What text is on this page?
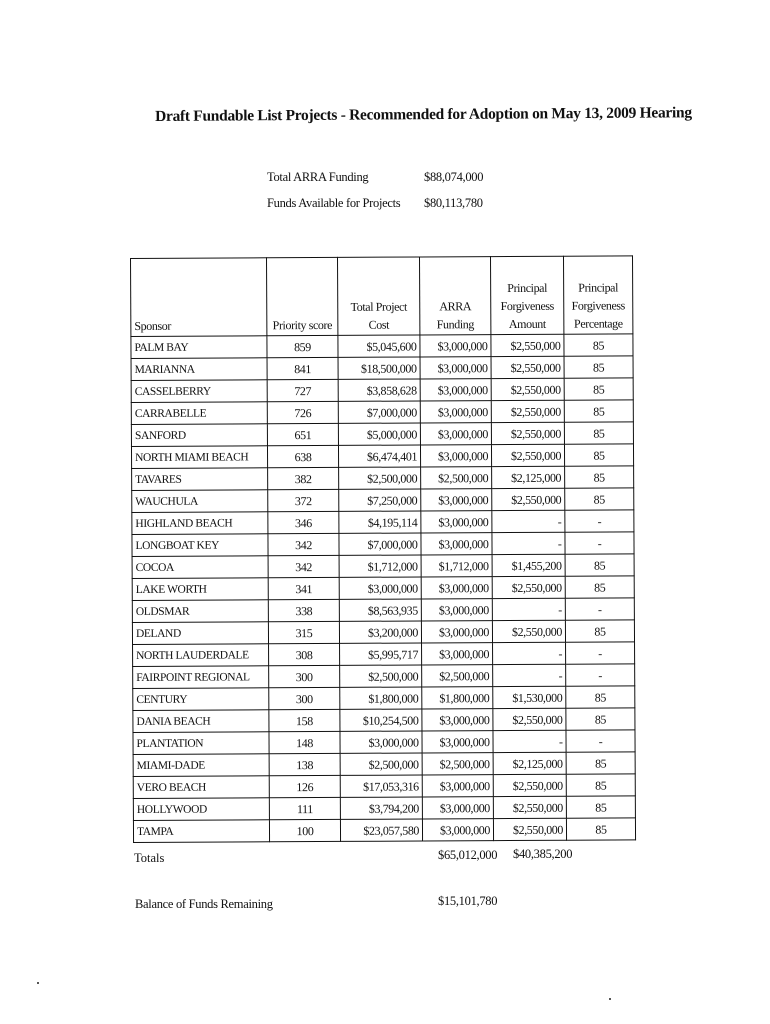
Draft Fundable List Projects - Recommended for Adoption on May 13, 2009 Hearing
Total ARRA Funding	$88,074,000
Funds Available for Projects	$80,113,780
Sponsor	Priority score	Total Project Cost	ARRA Funding	Principal Forgiveness Amount	Principal Forgiveness Percentage
PALM BAY	859	$5,045,600	$3,000,000	$2,550,000	85
MARIANNA	841	$18,500,000	$3,000,000	$2,550,000	85
CASSELBERRY	727	$3,858,628	$3,000,000	$2,550,000	85
CARRABELLE	726	$7,000,000	$3,000,000	$2,550,000	85
SANFORD	651	$5,000,000	$3,000,000	$2,550,000	85
NORTH MIAMI BEACH	638	$6,474,401	$3,000,000	$2,550,000	85
TAVARES	382	$2,500,000	$2,500,000	$2,125,000	85
WAUCHULA	372	$7,250,000	$3,000,000	$2,550,000	85
HIGHLAND BEACH	346	$4,195,114	$3,000,000	-	-
LONGBOAT KEY	342	$7,000,000	$3,000,000	-	-
COCOA	342	$1,712,000	$1,712,000	$1,455,200	85
LAKE WORTH	341	$3,000,000	$3,000,000	$2,550,000	85
OLDSMAR	338	$8,563,935	$3,000,000	-	-
DELAND	315	$3,200,000	$3,000,000	$2,550,000	85
NORTH LAUDERDALE	308	$5,995,717	$3,000,000	-	-
FAIRPOINT REGIONAL	300	$2,500,000	$2,500,000	-	-
CENTURY	300	$1,800,000	$1,800,000	$1,530,000	85
DANIA BEACH	158	$10,254,500	$3,000,000	$2,550,000	85
PLANTATION	148	$3,000,000	$3,000,000	-	-
MIAMI-DADE	138	$2,500,000	$2,500,000	$2,125,000	85
VERO BEACH	126	$17,053,316	$3,000,000	$2,550,000	85
HOLLYWOOD	111	$3,794,200	$3,000,000	$2,550,000	85
TAMPA	100	$23,057,580	$3,000,000	$2,550,000	85
Totals	$65,012,000 $40,385,200
Balance of Funds Remaining	$15,101,780
